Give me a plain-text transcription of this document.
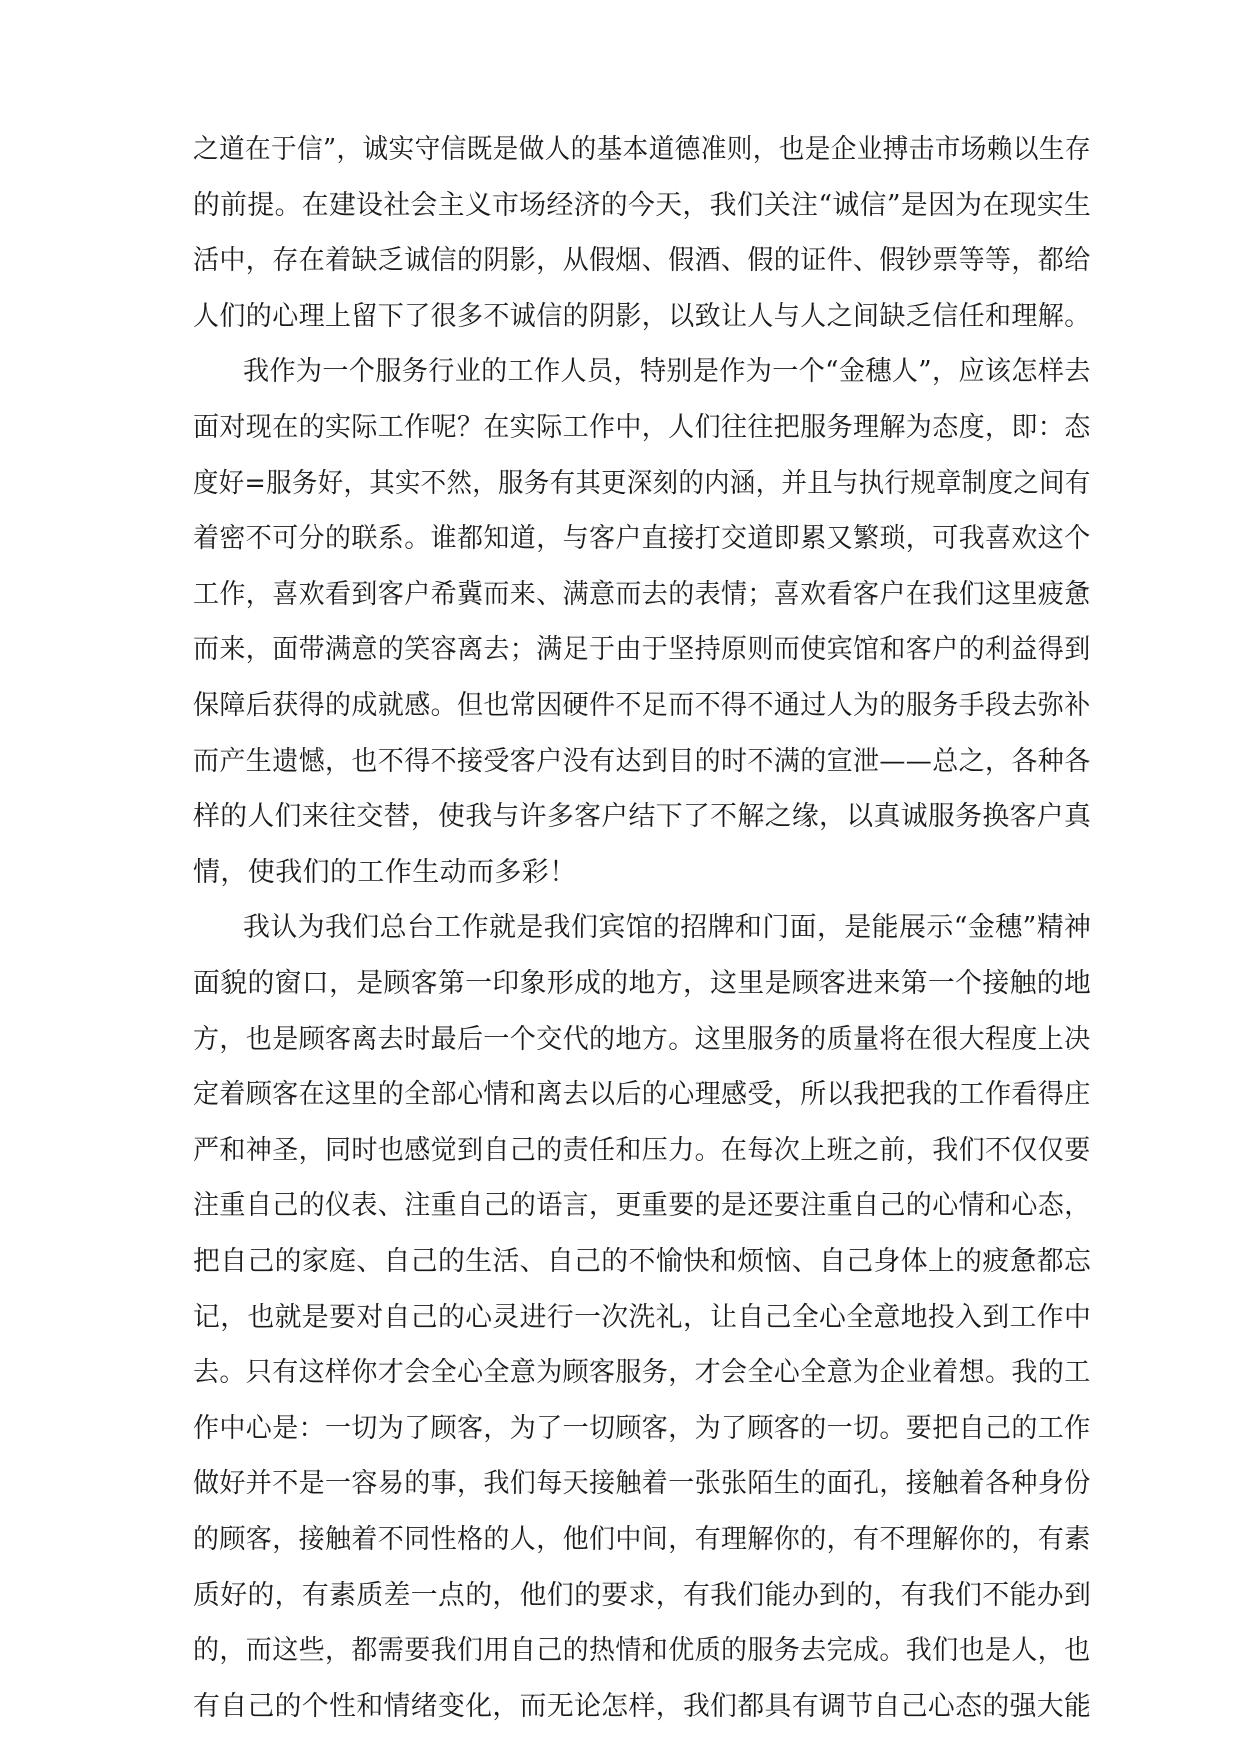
之道在于信”，诚实守信既是做人的基本道德准则，也是企业搏击市场赖以生存
的前提。在建设社会主义市场经济的今天，我们关注“诚信”是因为在现实生
活中，存在着缺乏诚信的阴影，从假烟、假酒、假的证件、假钞票等等，都给
人们的心理上留下了很多不诚信的阴影，以致让人与人之间缺乏信任和理解。
我作为一个服务行业的工作人员，特别是作为一个“金穗人”，应该怎样去
面对现在的实际工作呢？在实际工作中，人们往往把服务理解为态度，即：态
度好=服务好，其实不然，服务有其更深刻的内涵，并且与执行规章制度之间有
着密不可分的联系。谁都知道，与客户直接打交道即累又繁琐，可我喜欢这个
工作，喜欢看到客户希冀而来、满意而去的表情；喜欢看客户在我们这里疲惫
而来，面带满意的笑容离去；满足于由于坚持原则而使宾馆和客户的利益得到
保障后获得的成就感。但也常因硬件不足而不得不通过人为的服务手段去弥补
而产生遗憾，也不得不接受客户没有达到目的时不满的宣泄——总之，各种各
样的人们来往交替，使我与许多客户结下了不解之缘，以真诚服务换客户真
情，使我们的工作生动而多彩！
我认为我们总台工作就是我们宾馆的招牌和门面，是能展示“金穗”精神
面貌的窗口，是顾客第一印象形成的地方，这里是顾客进来第一个接触的地
方，也是顾客离去时最后一个交代的地方。这里服务的质量将在很大程度上决
定着顾客在这里的全部心情和离去以后的心理感受，所以我把我的工作看得庄
严和神圣，同时也感觉到自己的责任和压力。在每次上班之前，我们不仅仅要
注重自己的仪表、注重自己的语言，更重要的是还要注重自己的心情和心态，
把自己的家庭、自己的生活、自己的不愉快和烦恼、自己身体上的疲惫都忘
记，也就是要对自己的心灵进行一次洗礼，让自己全心全意地投入到工作中
去。只有这样你才会全心全意为顾客服务，才会全心全意为企业着想。我的工
作中心是：一切为了顾客，为了一切顾客，为了顾客的一切。要把自己的工作
做好并不是一容易的事，我们每天接触着一张张陌生的面孔，接触着各种身份
的顾客，接触着不同性格的人，他们中间，有理解你的，有不理解你的，有素
质好的，有素质差一点的，他们的要求，有我们能办到的，有我们不能办到
的，而这些，都需要我们用自己的热情和优质的服务去完成。我们也是人，也
有自己的个性和情绪变化，而无论怎样，我们都具有调节自己心态的强大能
